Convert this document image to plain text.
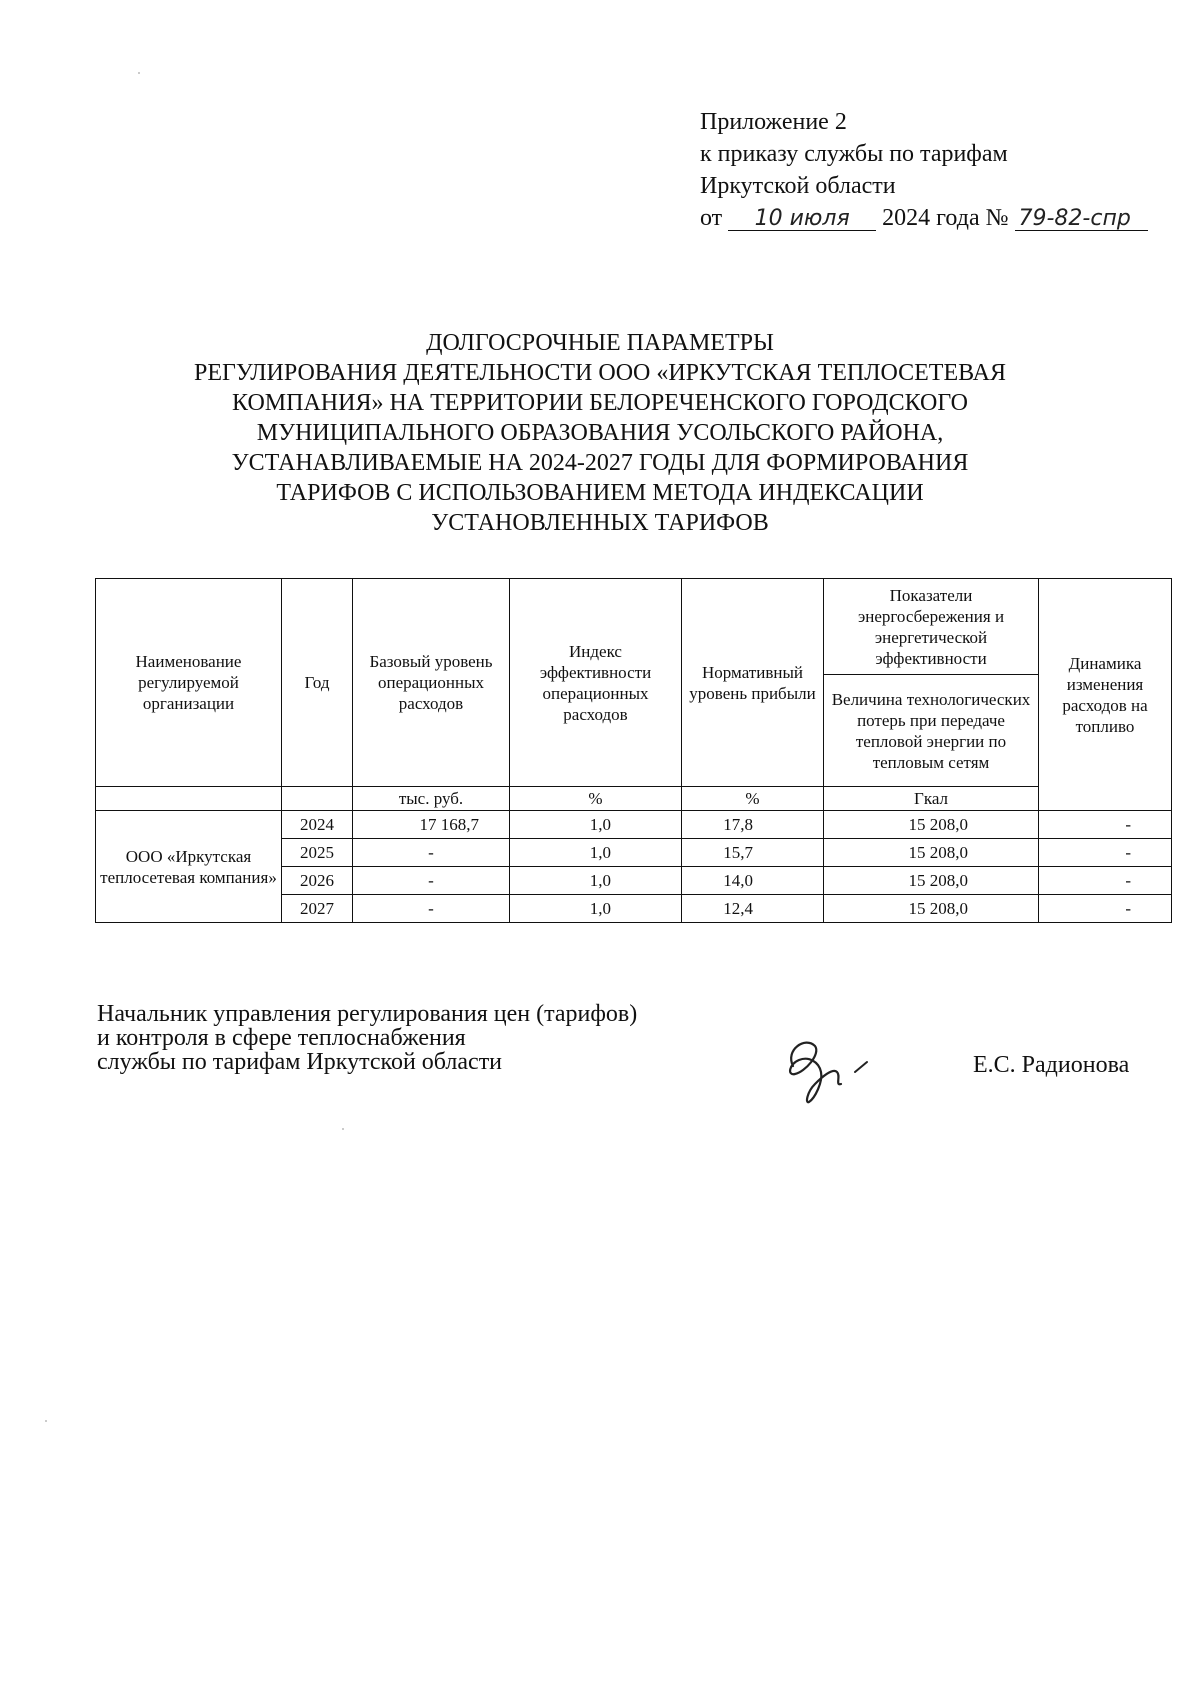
Приложение 2
к приказу службы по тарифам
Иркутской области
от 10 июля 2024 года № 79-82-спр
ДОЛГОСРОЧНЫЕ ПАРАМЕТРЫ
РЕГУЛИРОВАНИЯ ДЕЯТЕЛЬНОСТИ ООО «ИРКУТСКАЯ ТЕПЛОСЕТЕВАЯ
КОМПАНИЯ» НА ТЕРРИТОРИИ БЕЛОРЕЧЕНСКОГО ГОРОДСКОГО
МУНИЦИПАЛЬНОГО ОБРАЗОВАНИЯ УСОЛЬСКОГО РАЙОНА,
УСТАНАВЛИВАЕМЫЕ НА 2024-2027 ГОДЫ ДЛЯ ФОРМИРОВАНИЯ
ТАРИФОВ С ИСПОЛЬЗОВАНИЕМ МЕТОДА ИНДЕКСАЦИИ
УСТАНОВЛЕННЫХ ТАРИФОВ
Наименование регулируемой организации	Год	Базовый уровень операционных расходов	Индекс эффективности операционных расходов	Нормативный уровень прибыли	Показатели энергосбережения и энергетической эффективности	Динамика изменения расходов на топливо
					Величина технологических потерь при передаче тепловой энергии по тепловым сетям	
		тыс. руб.	%	%	Гкал	
ООО «Иркутская теплосетевая компания»	2024	17 168,7	1,0	17,8	15 208,0	-
	2025	-	1,0	15,7	15 208,0	-
	2026	-	1,0	14,0	15 208,0	-
	2027	-	1,0	12,4	15 208,0	-
Начальник управления регулирования цен (тарифов)
и контроля в сфере теплоснабжения
службы по тарифам Иркутской области	Е.С. Радионова
